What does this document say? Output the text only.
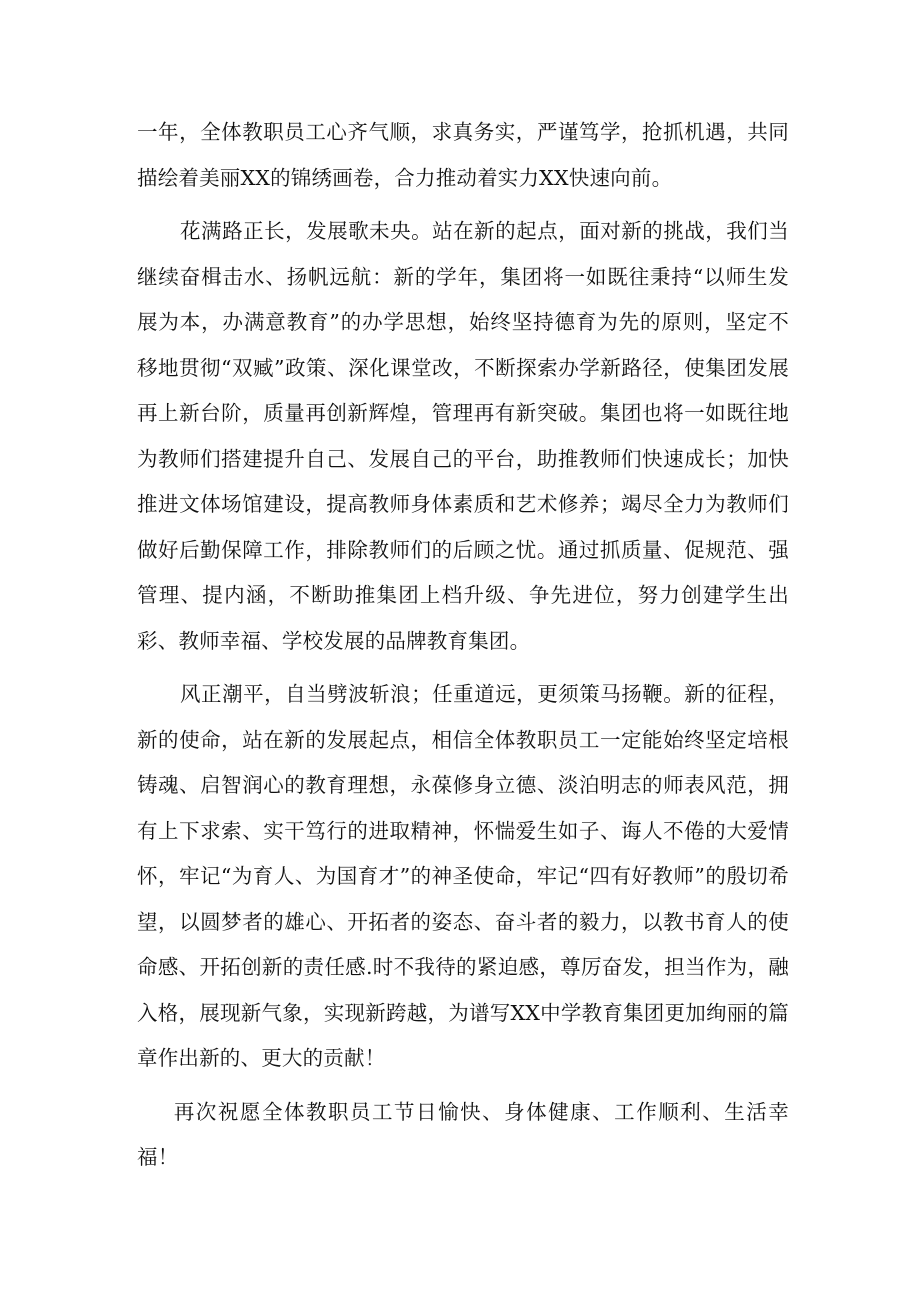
一年，全体教职员工心齐气顺，求真务实，严谨笃学，抢抓机遇，共同描绘着美丽XX的锦绣画卷，合力推动着实力XX快速向前。

花满路正长，发展歌未央。站在新的起点，面对新的挑战，我们当继续奋楫击水、扬帆远航：新的学年，集团将一如既往秉持“以师生发展为本，办满意教育”的办学思想，始终坚持德育为先的原则，坚定不移地贯彻“双臧”政策、深化课堂改，不断探索办学新路径，使集团发展再上新台阶，质量再创新辉煌，管理再有新突破。集团也将一如既往地为教师们搭建提升自己、发展自己的平台，助推教师们快速成长；加快推进文体场馆建设，提高教师身体素质和艺术修养；竭尽全力为教师们做好后勤保障工作，排除教师们的后顾之忧。通过抓质量、促规范、强管理、提内涵，不断助推集团上档升级、争先进位，努力创建学生出彩、教师幸福、学校发展的品牌教育集团。

风正潮平，自当劈波斩浪；任重道远，更须策马扬鞭。新的征程，新的使命，站在新的发展起点，相信全体教职员工一定能始终坚定培根铸魂、启智润心的教育理想，永葆修身立德、淡泊明志的师表风范，拥有上下求索、实干笃行的进取精神，怀惴爱生如子、诲人不倦的大爱情怀，牢记“为育人、为国育才”的神圣使命，牢记“四有好教师”的殷切希望，以圆梦者的雄心、开拓者的姿态、奋斗者的毅力，以教书育人的使命感、开拓创新的责任感.时不我待的紧迫感，尊厉奋发，担当作为，融入格，展现新气象，实现新跨越，为谱写XX中学教育集团更加绚丽的篇章作出新的、更大的贡献！

再次祝愿全体教职员工节日愉快、身体健康、工作顺利、生活幸福！
